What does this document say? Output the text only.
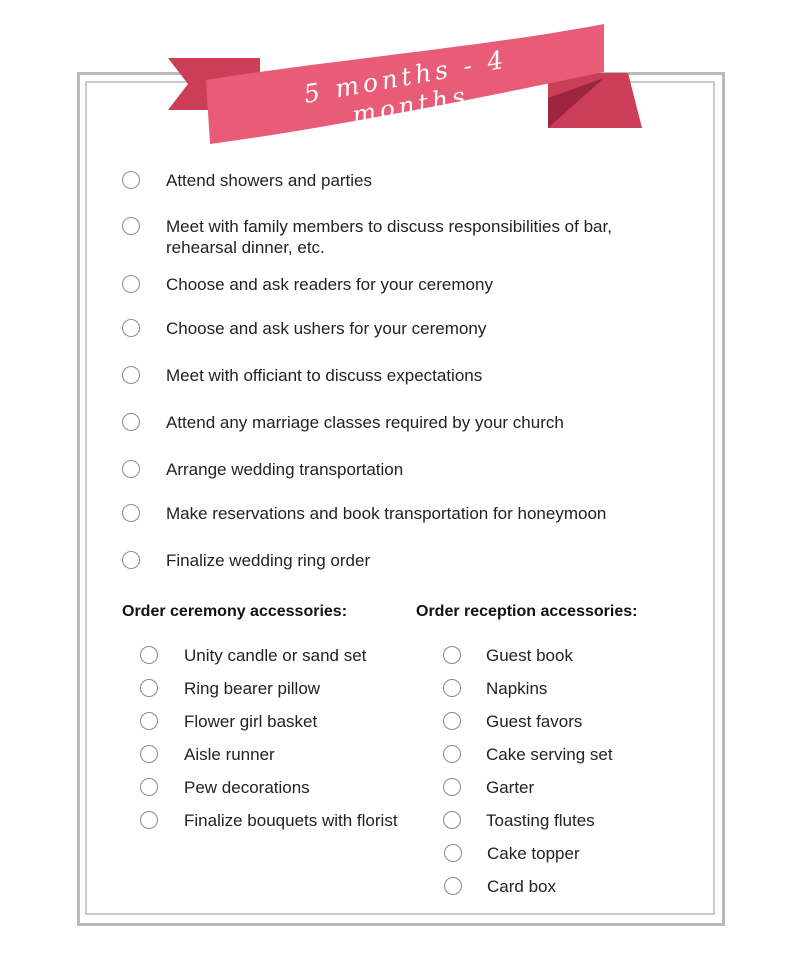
5 months - 4 months
Attend showers and parties
Meet with family members to discuss responsibilities of bar,
rehearsal dinner, etc.
Choose and ask readers for your ceremony
Choose and ask ushers for your ceremony
Meet with officiant to discuss expectations
Attend any marriage classes required by your church
Arrange wedding transportation
Make reservations and book transportation for honeymoon
Finalize wedding ring order
Order ceremony accessories:
Unity candle or sand set
Ring bearer pillow
Flower girl basket
Aisle runner
Pew decorations
Finalize bouquets with florist
Order reception accessories:
Guest book
Napkins
Guest favors
Cake serving set
Garter
Toasting flutes
Cake topper
Card box
